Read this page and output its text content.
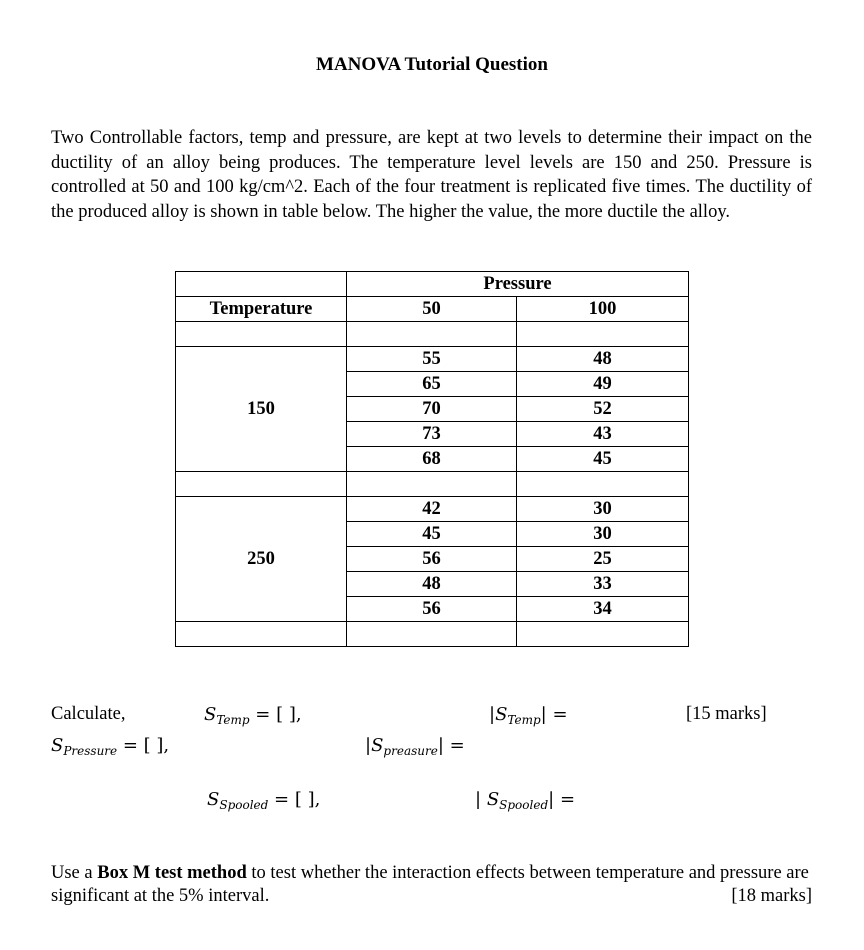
MANOVA Tutorial Question
Two Controllable factors, temp and pressure, are kept at two levels to determine their impact on the ductility of an alloy being produces. The temperature level levels are 150 and 250. Pressure is controlled at 50 and 100 kg/cm^2. Each of the four treatment is replicated five times. The ductility of the produced alloy is shown in table below. The higher the value, the more ductile the alloy.
	Pressure	
Temperature	50	100

150	55	48
	65	49
	70	52
	73	43
	68	45

250	42	30
	45	30
	56	25
	48	33
	56	34

Calculate,	$S_{Temp}$ = [ ],	$|S_{Temp}|$ =	[15 marks]
$S_{Pressure}$ = [ ],	$|S_{preasure}|$ =
$S_{Spooled}$ = [ ],	| $S_{Spooled}|$ =
Use a Box M test method to test whether the interaction effects between temperature and pressure are significant at the 5% interval.	[18 marks]
